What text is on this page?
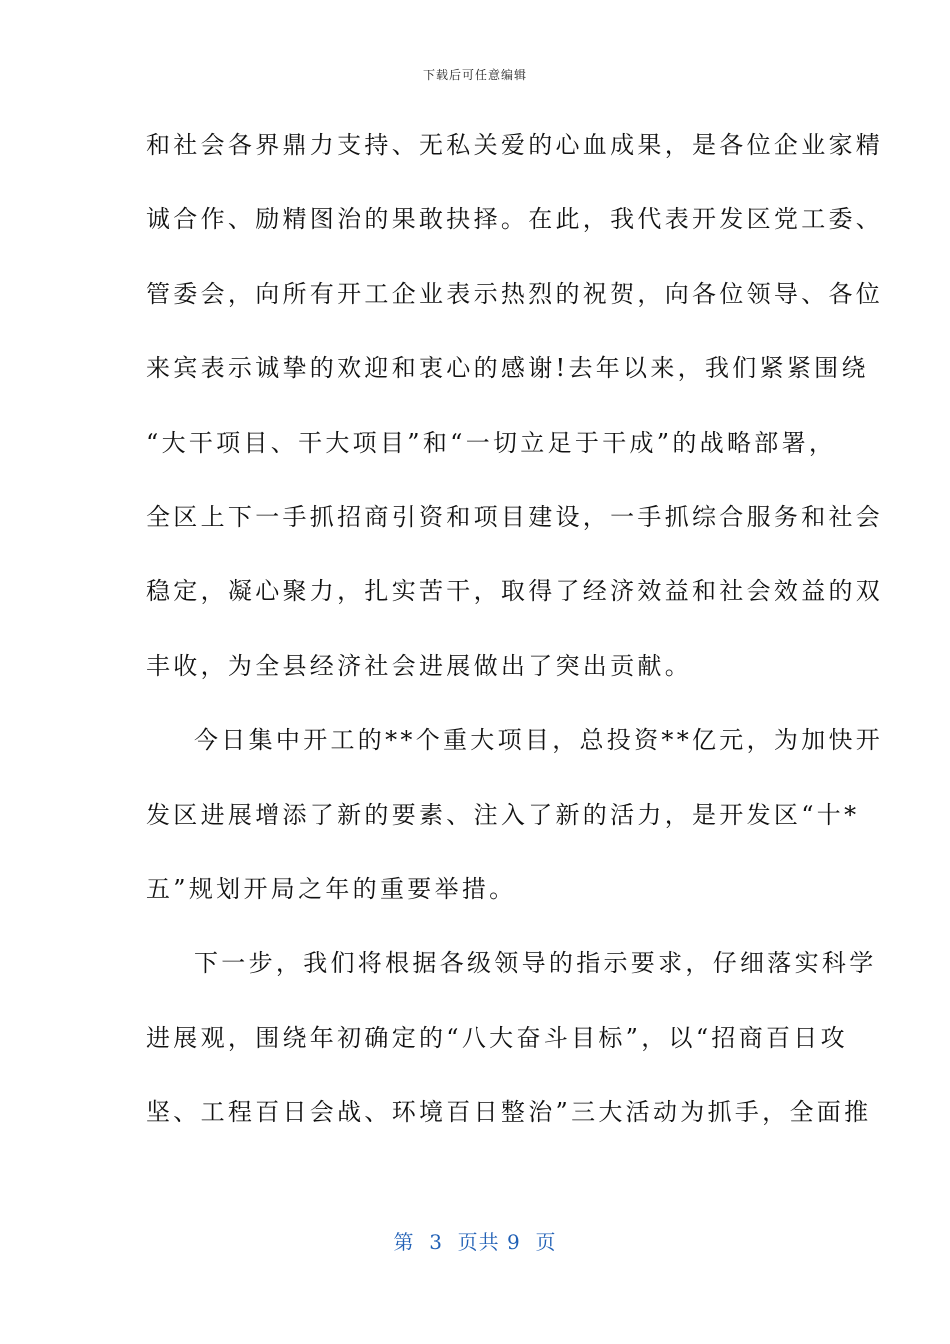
下载后可任意编辑
和社会各界鼎力支持、无私关爱的心血成果，是各位企业家精
诚合作、励精图治的果敢抉择。在此，我代表开发区党工委、
管委会，向所有开工企业表示热烈的祝贺，向各位领导、各位
来宾表示诚挚的欢迎和衷心的感谢!去年以来，我们紧紧围绕
“大干项目、干大项目”和“一切立足于干成”的战略部署，
全区上下一手抓招商引资和项目建设，一手抓综合服务和社会
稳定，凝心聚力，扎实苦干，取得了经济效益和社会效益的双
丰收，为全县经济社会进展做出了突出贡献。
今日集中开工的**个重大项目，总投资**亿元，为加快开
发区进展增添了新的要素、注入了新的活力，是开发区“十*
五”规划开局之年的重要举措。
下一步，我们将根据各级领导的指示要求，仔细落实科学
进展观，围绕年初确定的“八大奋斗目标”，以“招商百日攻
坚、工程百日会战、环境百日整治”三大活动为抓手，全面推
第  3  页共 9  页
